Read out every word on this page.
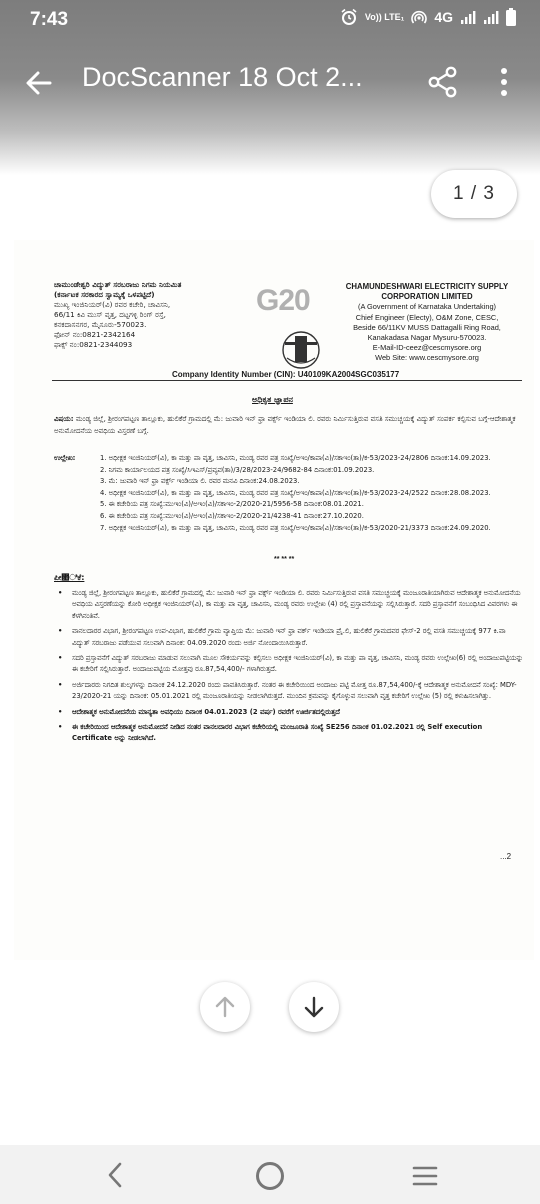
7:43	Vo)) LTE₁ 4G
DocScanner 18 Oct 2...
1 / 3
ಚಾಮುಂಡೇಶ್ವರಿ ವಿದ್ಯುತ್ ಸರಬರಾಜು ನಿಗಮ ನಿಯಮಿತ
(ಕರ್ನಾಟಕ ಸರಕಾರದ ಸ್ವಾಮ್ಯಕ್ಕೆ ಒಳಪಟ್ಟಿದೆ)
ಮುಖ್ಯ ಇಂಜಿನಿಯರ್(ವಿ) ರವರ ಕಚೇರಿ, ಚಾವಿಸನಿ,
66/11 ಕಿವಿ ಮುಸ್ ವೃತ್ತ, ದಟ್ಟಗಳ್ಳಿ ರಿಂಗ್ ರಸ್ತೆ,
ಕನಕದಾಸನಗರ, ಮೈಸೂರು-570023.
ಫೋನ್ ನಂ:0821-2342164
ಫಾಕ್ಸ್ ನಂ:0821-2344093
G20	CHAMUNDESHWARI ELECTRICITY SUPPLY CORPORATION LIMITED
(A Government of Karnataka Undertaking)
Chief Engineer (Electy), O&M Zone, CESC,
Beside 66/11KV MUSS Dattagalli Ring Road,
Kanakadasa Nagar Mysuru-570023.
E-Mail-ID-ceez@cescmysore.org
Web Site: www.cescmysore.org
Company Identity Number (CIN): U40109KA2004SGC035177
ಅಧಿಕೃತ ಜ್ಞಾಪನ
ವಿಷಯ: ಮಂಡ್ಯ ಜಿಲ್ಲೆ, ಶ್ರೀರಂಗಪಟ್ಟಣ ತಾಲ್ಲೂಕು, ಹುಲಿಕೆರೆ ಗ್ರಾಮದಲ್ಲಿ ಮೆ: ಜುವಾರಿ ಇನ್ ಫ್ರಾ ವರ್ಕ್ಸ್ ಇಂಡಿಯಾ ಲಿ. ರವರು ನಿರ್ಮಿಸುತ್ತಿರುವ ವಸತಿ ಸಮುಚ್ಚಯಕ್ಕೆ ವಿದ್ಯುತ್ ಸಂಪರ್ಕ ಕಲ್ಪಿಸುವ ಬಗ್ಗೆ-ಆದೇಶಾತ್ಮಕ ಅನುಮೋದನೆಯ ಅವಧಿಯ ವಿಸ್ತರಣೆ ಬಗ್ಗೆ.
ಉಲ್ಲೇಖ:	1. ಅಧೀಕ್ಷಕ ಇಂಜಿನಿಯರ್(ವಿ), ಕಾ ಮತ್ತು ಪಾ ವೃತ್ತ, ಚಾವಿಸನಿ, ಮಂಡ್ಯ ರವರ ಪತ್ರ ಸಂಖ್ಯೆ/ಅಇಂ/ಕಾಪಾ(ವಿ)/ಸಕಾಇಂ(ತಾ)/ಕ-53/2023-24/2806 ದಿನಾಂಕ:14.09.2023.
2. ನಿಗಮ ಕಾರ್ಯಾಲಯದ ಪತ್ರ ಸಂಖ್ಯೆ/ಸಿಇಎಸ್/ಪ್ರವ್ಯವ(ತಾ)/3/28/2023-24/9682-84 ದಿನಾಂಕ:01.09.2023.
3. ಮೆ: ಜುವಾರಿ ಇನ್ ಫ್ರಾ ವರ್ಕ್ಸ್ ಇಂಡಿಯಾ ಲಿ. ರವರ ಮನವಿ ದಿನಾಂಕ:24.08.2023.
4. ಅಧೀಕ್ಷಕ ಇಂಜಿನಿಯರ್(ವಿ), ಕಾ ಮತ್ತು ಪಾ ವೃತ್ತ, ಚಾವಿಸನಿ, ಮಂಡ್ಯ ರವರ ಪತ್ರ ಸಂಖ್ಯೆ/ಅಇಂ/ಕಾಪಾ(ವಿ)/ಸಕಾಇಂ(ತಾ)/ಕ-53/2023-24/2522 ದಿನಾಂಕ:28.08.2023.
5. ಈ ಕಚೇರಿಯ ಪತ್ರ ಸಂಖ್ಯೆ:ಮುಇಂ(ವಿ)/ಅಇಂ(ವಿ)/ಸಕಾಇಂ-2/2020-21/5956-58 ದಿನಾಂಕ:08.01.2021.
6. ಈ ಕಚೇರಿಯ ಪತ್ರ ಸಂಖ್ಯೆ:ಮುಇಂ(ವಿ)/ಅಇಂ(ವಿ)/ಸಕಾಇಂ-2/2020-21/4238-41 ದಿನಾಂಕ:27.10.2020.
7. ಅಧೀಕ್ಷಕ ಇಂಜಿನಿಯರ್(ವಿ), ಕಾ ಮತ್ತು ಪಾ ವೃತ್ತ, ಚಾವಿಸನಿ, ಮಂಡ್ಯ ರವರ ಪತ್ರ ಸಂಖ್ಯೆ/ಅಇಂ/ಕಾಪಾ(ವಿ)/ಸಕಾಇಂ(ತಾ)/ಕ-53/2020-21/3373 ದಿನಾಂಕ:24.09.2020.
** ** **
ಪೀ೚ಿಕೆ:
• ಮಂಡ್ಯ ಜಿಲ್ಲೆ, ಶ್ರೀರಂಗಪಟ್ಟಣ ತಾಲ್ಲೂಕು, ಹುಲಿಕೆರೆ ಗ್ರಾಮದಲ್ಲಿ ಮೆ: ಜುವಾರಿ ಇನ್ ಫ್ರಾ ವರ್ಕ್ಸ್ ಇಂಡಿಯಾ ಲಿ. ರವರು ನಿರ್ಮಿಸುತ್ತಿರುವ ವಸತಿ ಸಮುಚ್ಚಯಕ್ಕೆ ಮಂಜೂರಾತಿಯಾಗಿರುವ ಆದೇಶಾತ್ಮಕ ಅನುಮೋದನೆಯ ಅವಧಿಯ ವಿಸ್ತರಣೆಯನ್ನು ಕೋರಿ ಅಧೀಕ್ಷಕ ಇಂಜಿನಿಯರ್(ವಿ), ಕಾ ಮತ್ತು ಪಾ ವೃತ್ತ, ಚಾವಿಸನಿ, ಮಂಡ್ಯ ರವರು ಉಲ್ಲೇಖ (4) ರಲ್ಲಿ ಪ್ರಸ್ತಾವನೆಯನ್ನು ಸಲ್ಲಿಸಿರುತ್ತಾರೆ. ಸದರಿ ಪ್ರಸ್ತಾವನೆಗೆ ಸಂಬಂಧಿಸಿದ ವಿವರಗಳು ಈ ಕೆಳಗಿನಂತಿವೆ.
• ವಾನಲದಾರರ ವಿಭಾಗ, ಶ್ರೀರಂಗಪಟ್ಟಣ ಉಪ-ವಿಭಾಗ, ಹುಲಿಕೆರೆ ಗ್ರಾಮ ವ್ಯಾಪ್ತಿಯ ಮೆ: ಜುವಾರಿ ಇನ್ ಫ್ರಾ ವರ್ಕ್ ಇಂಡಿಯಾ ಪ್ರೈ.ಲಿ, ಹುಲಿಕೆರೆ ಗ್ರಾಮದವರ ಫೇಸ್-2 ರಲ್ಲಿ ವಸತಿ ಸಮುಚ್ಚಯಕ್ಕೆ 977 ಕಿ.ವಾ ವಿದ್ಯುತ್ ಸರಬರಾಜು ಪಡೆಯುವ ಸಲುವಾಗಿ ದಿನಾಂಕ: 04.09.2020 ರಂದು ಅರ್ಜಿ ನೋಂದಾಯಿಸಿರುತ್ತಾರೆ.
• ಸದರಿ ಪ್ರಸ್ತಾವನೆಗೆ ವಿದ್ಯುತ್ ಸರಬರಾಜು ಮಾಡುವ ಸಲುವಾಗಿ ಮೂಲ ಸೌಕರ್ಯವನ್ನು ಕಲ್ಪಿಸಲು ಅಧೀಕ್ಷಕ ಇಂಜಿನಿಯರ್(ವಿ), ಕಾ ಮತ್ತು ಪಾ ವೃತ್ತ, ಚಾವಿಸನಿ, ಮಂಡ್ಯ ರವರು ಉಲ್ಲೇಖ(6) ರಲ್ಲಿ ಅಂದಾಜುಪಟ್ಟಿಯನ್ನು ಈ ಕಚೇರಿಗೆ ಸಲ್ಲಿಸಿರುತ್ತಾರೆ. ಅಂದಾಜುಪಟ್ಟಿಯ ಮೋತ್ತವು ರೂ.87,54,400/- ಗಳಾಗಿರುತ್ತದೆ.
• ಅರ್ಜಿದಾರರು ನಿಗದಿತ ಶುಲ್ಕಗಳನ್ನು ದಿನಾಂಕ 24.12.2020 ರಂದು ಪಾವತಿಸಿರುತ್ತಾರೆ. ನಂತರ ಈ ಕಚೇರಿಯಿಂದ ಅಂದಾಜು ಪಟ್ಟಿ ಮೋತ್ತ ರೂ.87,54,400/-ಕ್ಕೆ ಆದೇಶಾತ್ಮಕ ಅನುಮೋದನೆ ಸಂಖ್ಯೆ: MDY-23/2020-21 ಯನ್ನು ದಿನಾಂಕ: 05.01.2021 ರಲ್ಲಿ ಮಂಜೂರಾತಿಯನ್ನು ನೀಡಲಾಗಿರುತ್ತದೆ. ಮುಂದಿನ ಕ್ರಮವನ್ನು ಕೈಗೊಳ್ಳುವ ಸಲುವಾಗಿ ವೃತ್ತ ಕಚೇರಿಗೆ ಉಲ್ಲೇಖ (5) ರಲ್ಲಿ ಕಳುಹಿಸಲಾಗಿತ್ತು.
• ಆದೇಶಾತ್ಮಕ ಅನುಮೋದನೆಯ ಮಾನ್ಯತಾ ಅವಧಿಯು ದಿನಾಂಕ 04.01.2023 (2 ವರ್ಷ) ರವರೆಗೆ ಊರ್ಜಿತದಲ್ಲಿರುತ್ತದೆ
• ಈ ಕಚೇರಿಯಿಂದ ಆದೇಶಾತ್ಮಕ ಅನುಮೋದನೆ ನೀಡಿದ ನಂತರ ವಾನಲದಾರರ ವಿಭಾಗ ಕಚೇರಿಯಲ್ಲಿ ಮಂಜೂರಾತಿ ಸಂಖ್ಯೆ SE256 ದಿನಾಂಕ 01.02.2021 ರಲ್ಲಿ Self execution Certificate ಅನ್ನು ನೀಡಲಾಗಿದೆ.
...2
